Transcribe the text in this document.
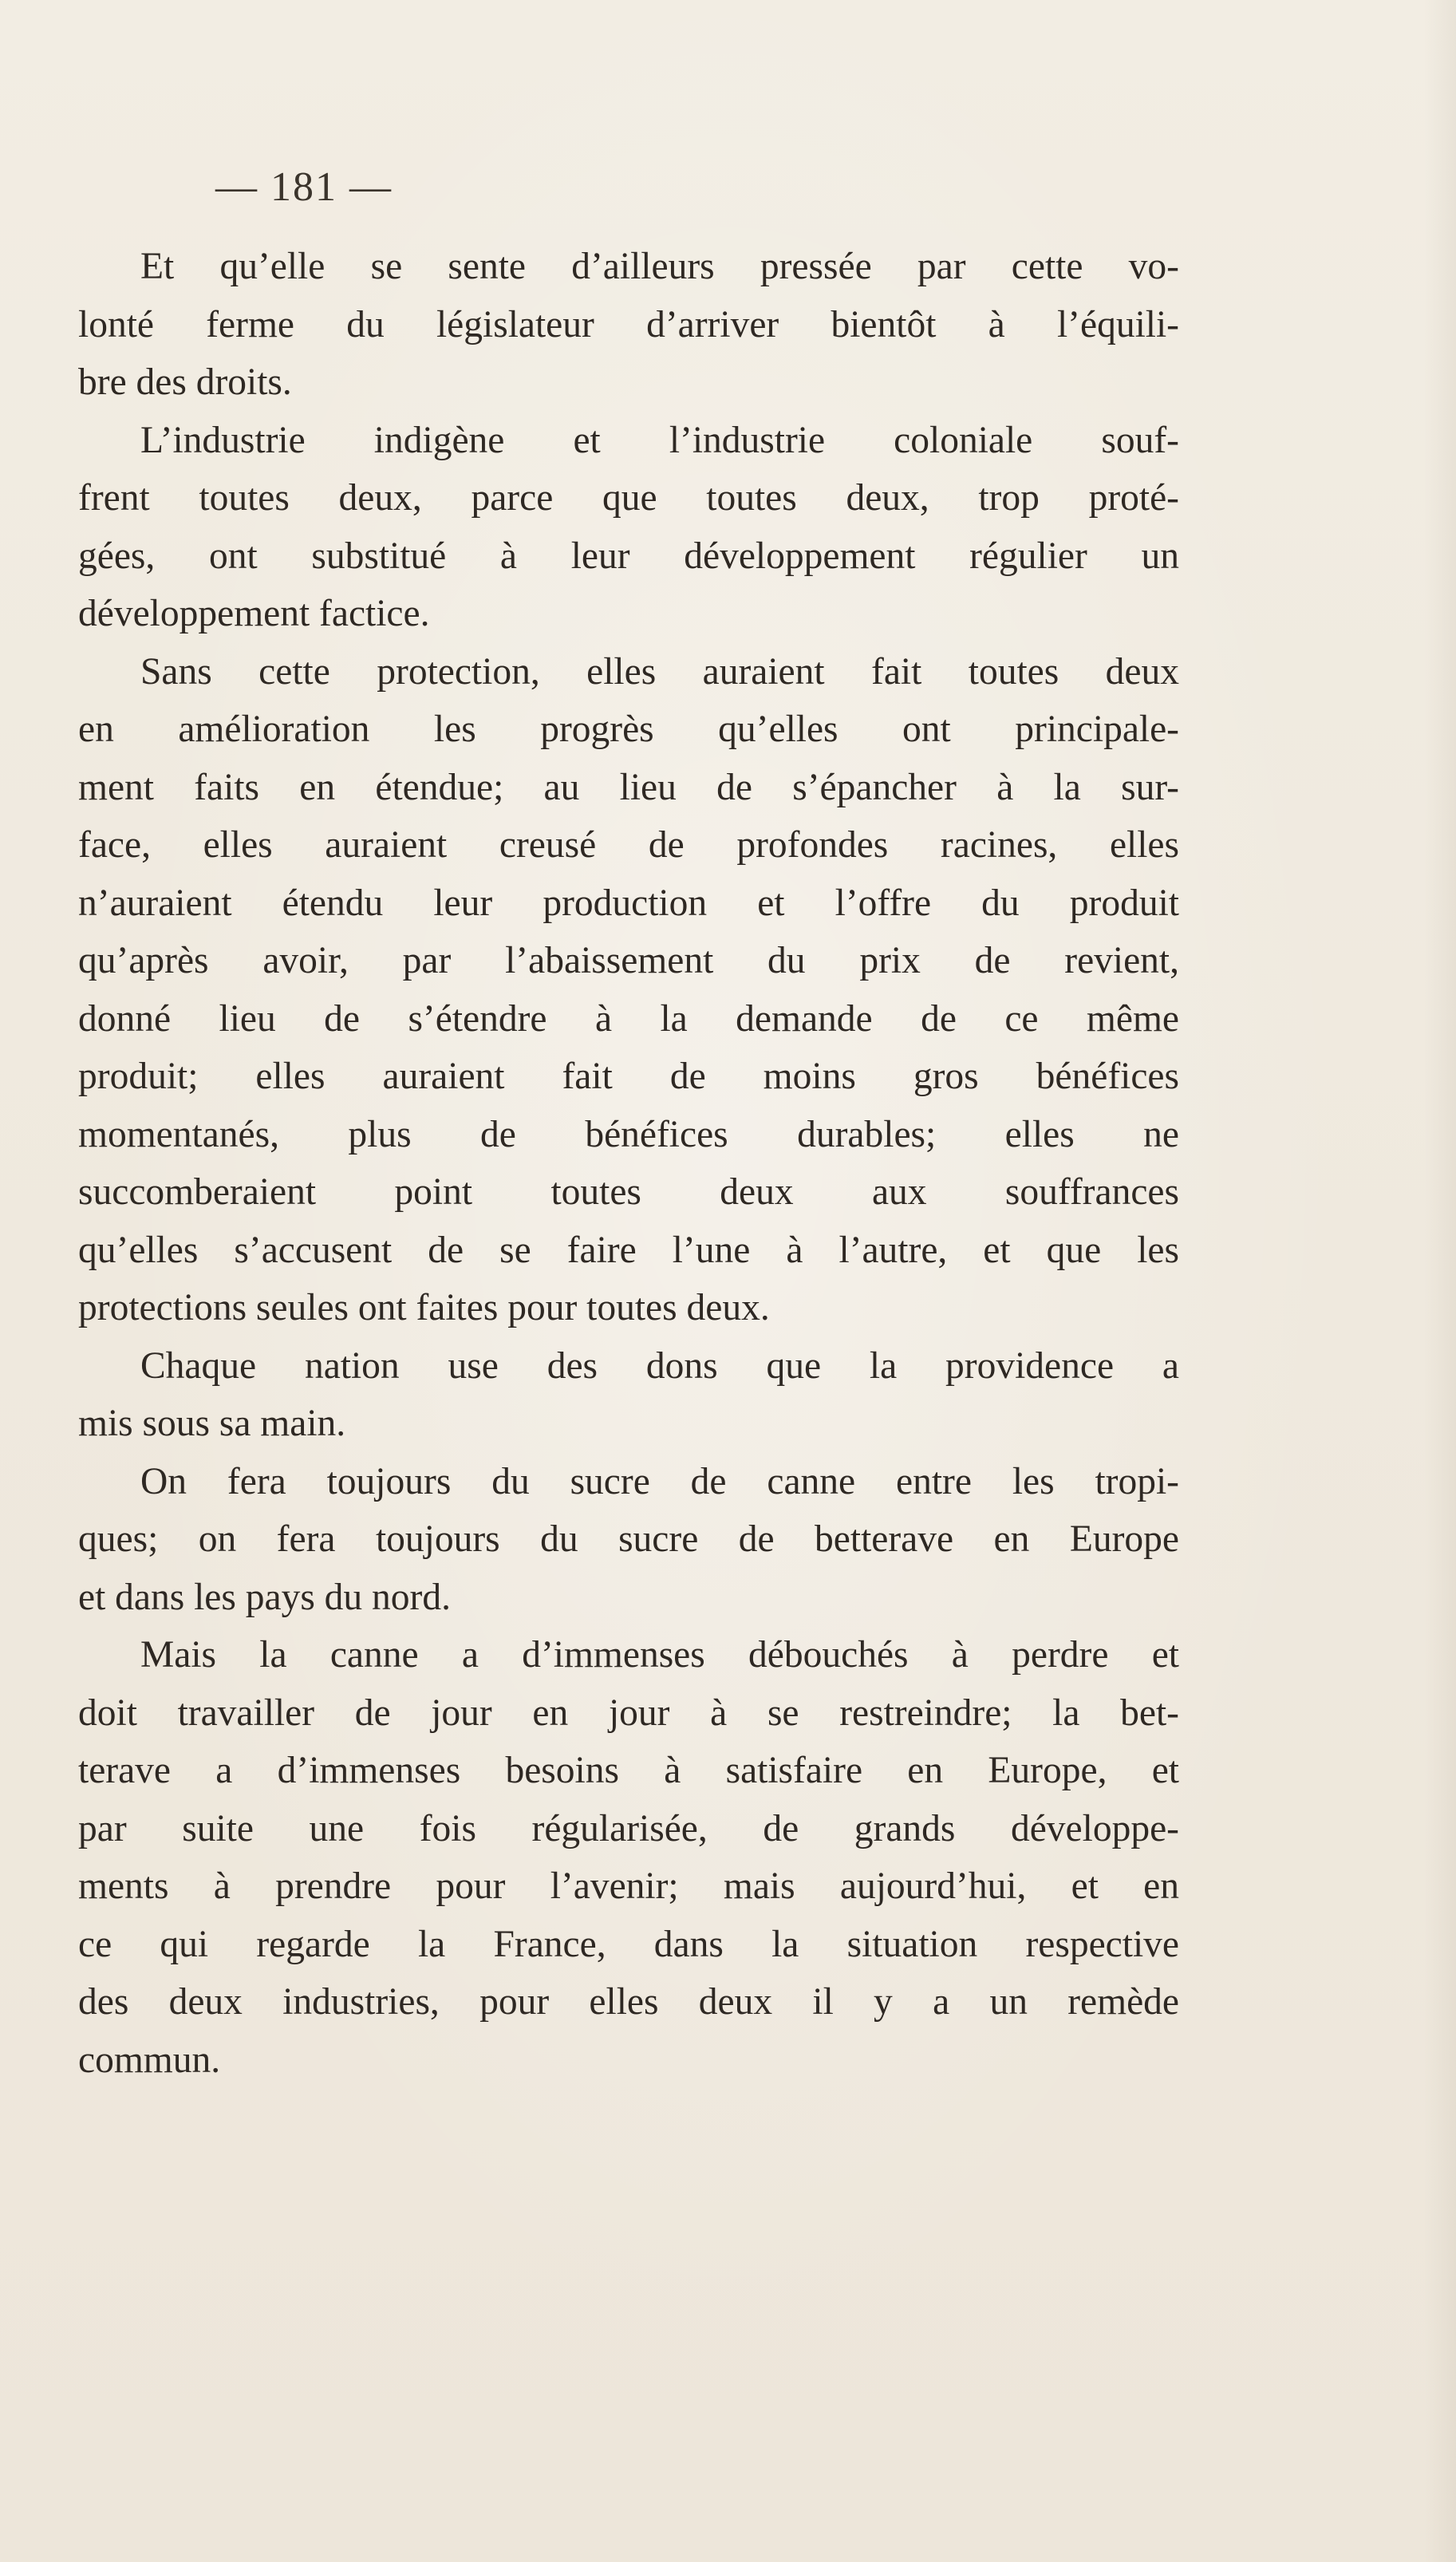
— 181 —
Et qu’elle se sente d’ailleurs pressée par cette vo-
lonté ferme du législateur d’arriver bientôt à l’équili-
bre des droits.
L’industrie indigène et l’industrie coloniale souf-
frent toutes deux, parce que toutes deux, trop proté-
gées, ont substitué à leur développement régulier un
développement factice.
Sans cette protection, elles auraient fait toutes deux
en amélioration les progrès qu’elles ont principale-
ment faits en étendue; au lieu de s’épancher à la sur-
face, elles auraient creusé de profondes racines, elles
n’auraient étendu leur production et l’offre du produit
qu’après avoir, par l’abaissement du prix de revient,
donné lieu de s’étendre à la demande de ce même
produit; elles auraient fait de moins gros bénéfices
momentanés, plus de bénéfices durables; elles ne
succomberaient point toutes deux aux souffrances
qu’elles s’accusent de se faire l’une à l’autre, et que les
protections seules ont faites pour toutes deux.
Chaque nation use des dons que la providence a
mis sous sa main.
On fera toujours du sucre de canne entre les tropi-
ques; on fera toujours du sucre de betterave en Europe
et dans les pays du nord.
Mais la canne a d’immenses débouchés à perdre et
doit travailler de jour en jour à se restreindre; la bet-
terave a d’immenses besoins à satisfaire en Europe, et
par suite une fois régularisée, de grands développe-
ments à prendre pour l’avenir; mais aujourd’hui, et en
ce qui regarde la France, dans la situation respective
des deux industries, pour elles deux il y a un remède
commun.
